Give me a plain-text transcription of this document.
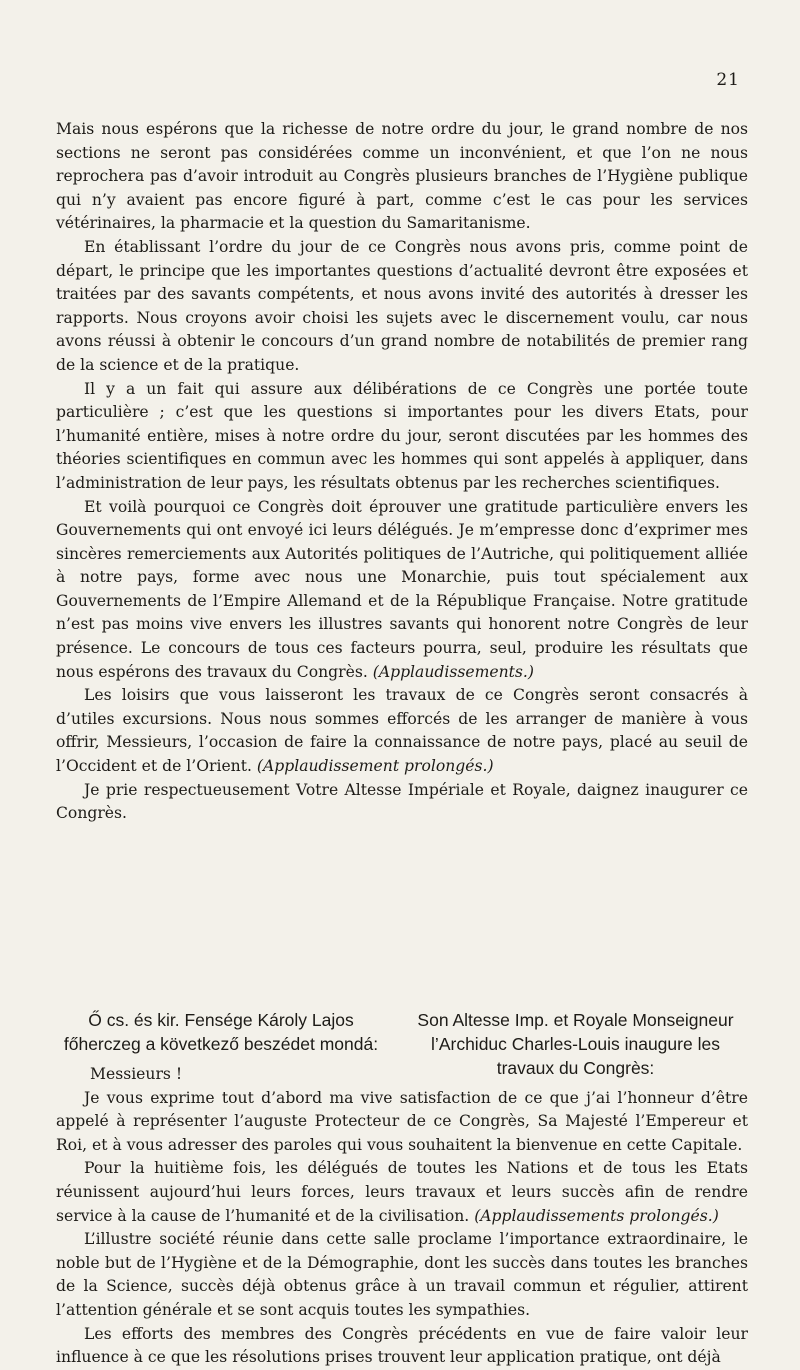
21

Mais nous espérons que la richesse de notre ordre du jour, le grand nombre de nos sections ne seront pas considérées comme un inconvénient, et que l’on ne nous reprochera pas d’avoir introduit au Congrès plusieurs branches de l’Hygiène publique qui n’y avaient pas encore figuré à part, comme c’est le cas pour les services vétérinaires, la pharmacie et la question du Samaritanisme.

En établissant l’ordre du jour de ce Congrès nous avons pris, comme point de départ, le principe que les importantes questions d’actualité devront être exposées et traitées par des savants compétents, et nous avons invité des autorités à dresser les rapports. Nous croyons avoir choisi les sujets avec le discernement voulu, car nous avons réussi à obtenir le concours d’un grand nombre de notabilités de premier rang de la science et de la pratique.

Il y a un fait qui assure aux délibérations de ce Congrès une portée toute particulière ; c’est que les questions si importantes pour les divers Etats, pour l’humanité entière, mises à notre ordre du jour, seront discutées par les hommes des théories scientifiques en commun avec les hommes qui sont appelés à appliquer, dans l’administration de leur pays, les résultats obtenus par les recherches scientifiques.

Et voilà pourquoi ce Congrès doit éprouver une gratitude particulière envers les Gouvernements qui ont envoyé ici leurs délégués. Je m’empresse donc d’exprimer mes sincères remerciements aux Autorités politiques de l’Autriche, qui politiquement alliée à notre pays, forme avec nous une Monarchie, puis tout spécialement aux Gouvernements de l’Empire Allemand et de la République Française. Notre gratitude n’est pas moins vive envers les illustres savants qui honorent notre Congrès de leur présence. Le concours de tous ces facteurs pourra, seul, produire les résultats que nous espérons des travaux du Congrès. (Applaudissements.)

Les loisirs que vous laisseront les travaux de ce Congrès seront consacrés à d’utiles excursions. Nous nous sommes efforcés de les arranger de manière à vous offrir, Messieurs, l’occasion de faire la connaissance de notre pays, placé au seuil de l’Occident et de l’Orient. (Applaudissement prolongés.)

Je prie respectueusement Votre Altesse Impériale et Royale, daignez inaugurer ce Congrès.

Ő cs. és kir. Fensége Károly Lajos főherczeg a következő beszédet mondá:
Son Altesse Imp. et Royale Monseigneur l’Archiduc Charles-Louis inaugure les travaux du Congrès:

Messieurs !

Je vous exprime tout d’abord ma vive satisfaction de ce que j’ai l’honneur d’être appelé à représenter l’auguste Protecteur de ce Congrès, Sa Majesté l’Empereur et Roi, et à vous adresser des paroles qui vous souhaitent la bienvenue en cette Capitale.

Pour la huitième fois, les délégués de toutes les Nations et de tous les Etats réunissent aujourd’hui leurs forces, leurs travaux et leurs succès afin de rendre service à la cause de l’humanité et de la civilisation. (Applaudissements prolongés.)

L’illustre société réunie dans cette salle proclame l’importance extraordinaire, le noble but de l’Hygiène et de la Démographie, dont les succès dans toutes les branches de la Science, succès déjà obtenus grâce à un travail commun et régulier, attirent l’attention générale et se sont acquis toutes les sympathies.

Les efforts des membres des Congrès précédents en vue de faire valoir leur influence à ce que les résolutions prises trouvent leur application pratique, ont déjà
